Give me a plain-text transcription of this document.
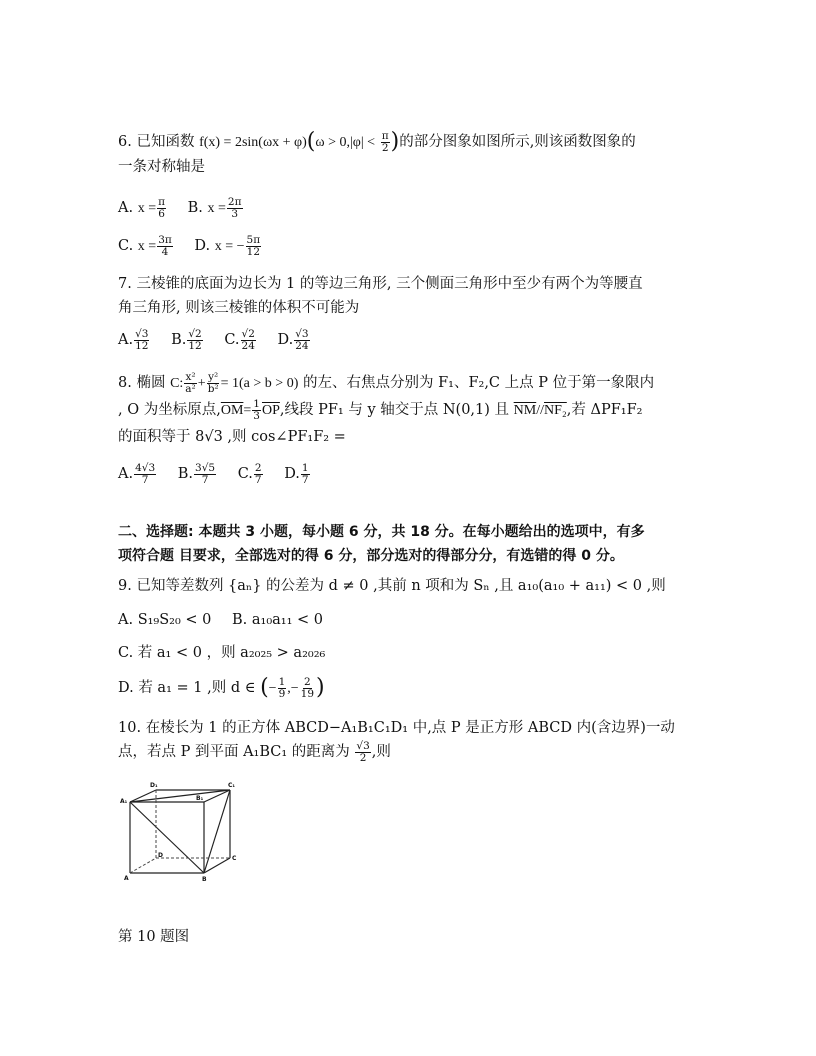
6. 已知函数 $f(x) = 2\sin(\omega x + \varphi)(\omega > 0,|\varphi| < \frac{\pi}{2}$ )的部分图象如图所示,则该函数图象的
一条对称轴是
A. $x = \frac{\pi}{6} B$. $x = \frac{2\pi}{3}$
C. $x = \frac{3\pi}{4} D$. x = − $\frac{5\pi}{12}$
7. 三棱锥的底面为边长为 1 的等边三角形, 三个侧面三角形中至少有两个为等腰直
角三角形, 则该三棱锥的体积不可能为
A. $\frac{√3}{12} B$. $\frac{√2}{12} C$. $\frac{√2}{24} D$. $\frac{√3}{24}$
8. 椭圆 C: $\frac{\text{x²}}{\text{a²}} + \frac{\text{y²}}{\text{b²}} = 1(a > b > 0)$ 的左、右焦点分别为 F₁、F₂,C 上点 P 位于第一象限内
, O 为坐标原点$,\overline{OM}= \frac{1}{3} \overline{OP}$,线段 PF₁ 与 y 轴交于点 N(0,1) 且 $\overline{NM}/$/NF₂,若 ΔPF₁F₂
的面积等于 8√3 ,则 cos∠PF₁F₂ =
A. $\frac{4√3}{7} B$. $\frac{3√5}{7} C$. $\frac{2}{7} D$. $\frac{1}{7}$
二、选择题: 本题共 3 小题，每小题 6 分，共 18 分。在每小题给出的选项中，有多
项符合题 目要求，全部选对的得 6 分，部分选对的得部分分，有选错的得 0 分。
9. 已知等差数列 {aₙ} 的公差为 d ≠ 0 ,其前 n 项和为 Sₙ ,且 a₁₀(a₁₀ + a₁₁) < 0 ,则
A. S₁₉S₂₀ < 0 B. a₁₀a₁₁ < 0
C. 若 a₁ < 0 ，则 a₂₀₂₅ > a₂₀₂₆
D. 若 a₁ = 1 ,则 d ∈ (− $\frac{1}{9}$ ,− $\frac{2}{19}$ )
10. 在棱长为 1 的正方体 ABCD−A₁B₁C₁D₁ 中,点 P 是正方形 ABCD 内(含边界)一动
点，若点 P 到平面 A₁BC₁ 的距离为 $\frac{√3}{2}$ ,则
A₁
D₁
B₁
C₁
D	C
A	B
第 10 题图
